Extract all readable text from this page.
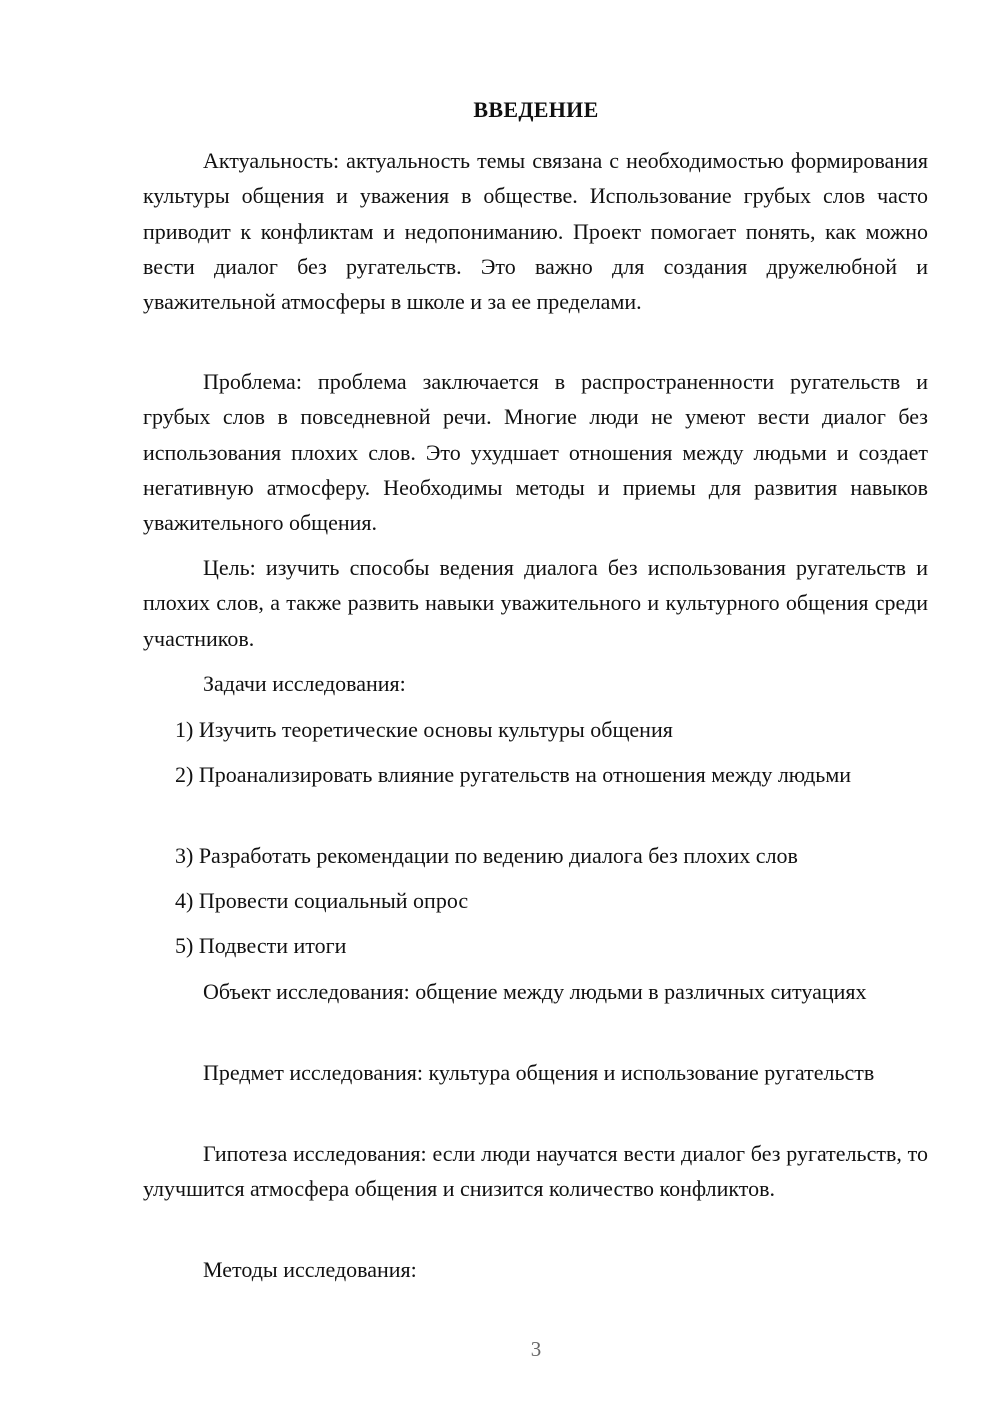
ВВЕДЕНИЕ

Актуальность: актуальность темы связана с необходимостью формирования культуры общения и уважения в обществе. Использование грубых слов часто приводит к конфликтам и недопониманию. Проект помогает понять, как можно вести диалог без ругательств. Это важно для создания дружелюбной и уважительной атмосферы в школе и за ее пределами.

Проблема: проблема заключается в распространенности ругательств и грубых слов в повседневной речи. Многие люди не умеют вести диалог без использования плохих слов. Это ухудшает отношения между людьми и создает негативную атмосферу. Необходимы методы и приемы для развития навыков уважительного общения.

Цель: изучить способы ведения диалога без использования ругательств и плохих слов, а также развить навыки уважительного и культурного общения среди участников.

Задачи исследования:

1) Изучить теоретические основы культуры общения

2) Проанализировать влияние ругательств на отношения между людьми

3) Разработать рекомендации по ведению диалога без плохих слов

4) Провести социальный опрос

5) Подвести итоги

Объект исследования: общение между людьми в различных ситуациях

Предмет исследования: культура общения и использование ругательств

Гипотеза исследования: если люди научатся вести диалог без ругательств, то улучшится атмосфера общения и снизится количество конфликтов.

Методы исследования:

3
